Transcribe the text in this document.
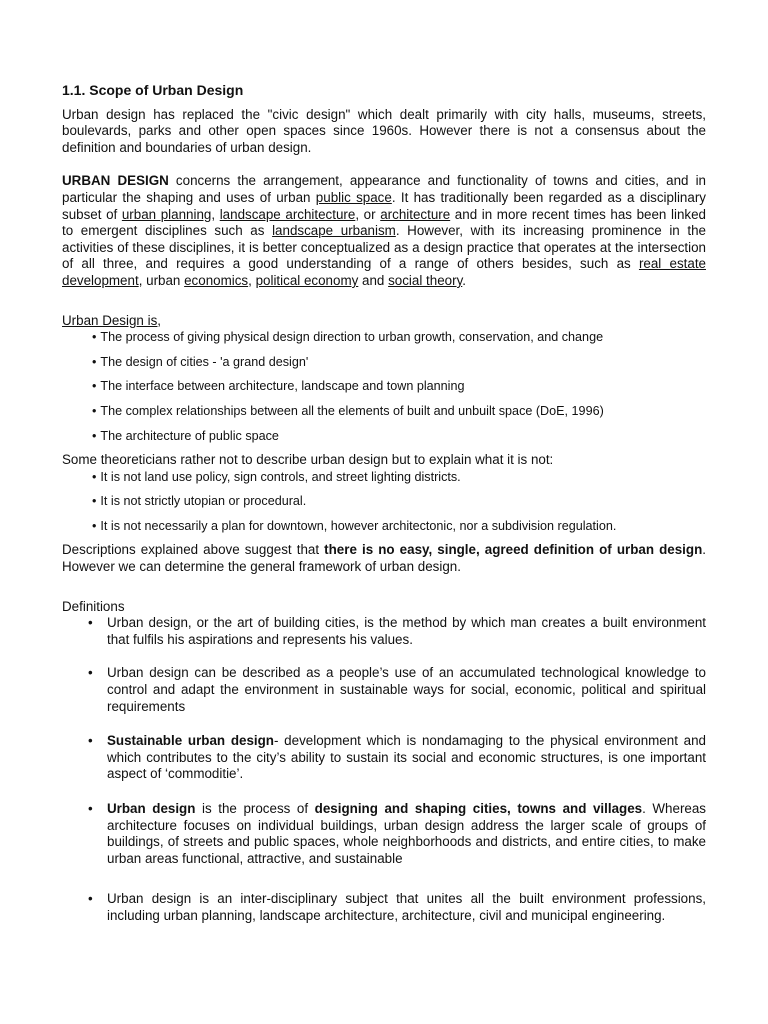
1.1. Scope of Urban Design

Urban design has replaced the "civic design" which dealt primarily with city halls, museums, streets, boulevards, parks and other open spaces since 1960s. However there is not a consensus about the definition and boundaries of urban design.

URBAN DESIGN concerns the arrangement, appearance and functionality of towns and cities, and in particular the shaping and uses of urban public space. It has traditionally been regarded as a disciplinary subset of urban planning, landscape architecture, or architecture and in more recent times has been linked to emergent disciplines such as landscape urbanism. However, with its increasing prominence in the activities of these disciplines, it is better conceptualized as a design practice that operates at the intersection of all three, and requires a good understanding of a range of others besides, such as real estate development, urban economics, political economy and social theory.

Urban Design is,

• The process of giving physical design direction to urban growth, conservation, and change
• The design of cities - 'a grand design'
• The interface between architecture, landscape and town planning
• The complex relationships between all the elements of built and unbuilt space (DoE, 1996)
• The architecture of public space

Some theoreticians rather not to describe urban design but to explain what it is not:

• It is not land use policy, sign controls, and street lighting districts.
• It is not strictly utopian or procedural.
• It is not necessarily a plan for downtown, however architectonic, nor a subdivision regulation.

Descriptions explained above suggest that there is no easy, single, agreed definition of urban design. However we can determine the general framework of urban design.

Definitions

• Urban design, or the art of building cities, is the method by which man creates a built environment that fulfils his aspirations and represents his values.
• Urban design can be described as a people’s use of an accumulated technological knowledge to control and adapt the environment in sustainable ways for social, economic, political and spiritual requirements
• Sustainable urban design- development which is nondamaging to the physical environment and which contributes to the city’s ability to sustain its social and economic structures, is one important aspect of ‘commoditie’.
• Urban design is the process of designing and shaping cities, towns and villages. Whereas architecture focuses on individual buildings, urban design address the larger scale of groups of buildings, of streets and public spaces, whole neighborhoods and districts, and entire cities, to make urban areas functional, attractive, and sustainable
• Urban design is an inter-disciplinary subject that unites all the built environment professions, including urban planning, landscape architecture, architecture, civil and municipal engineering.
